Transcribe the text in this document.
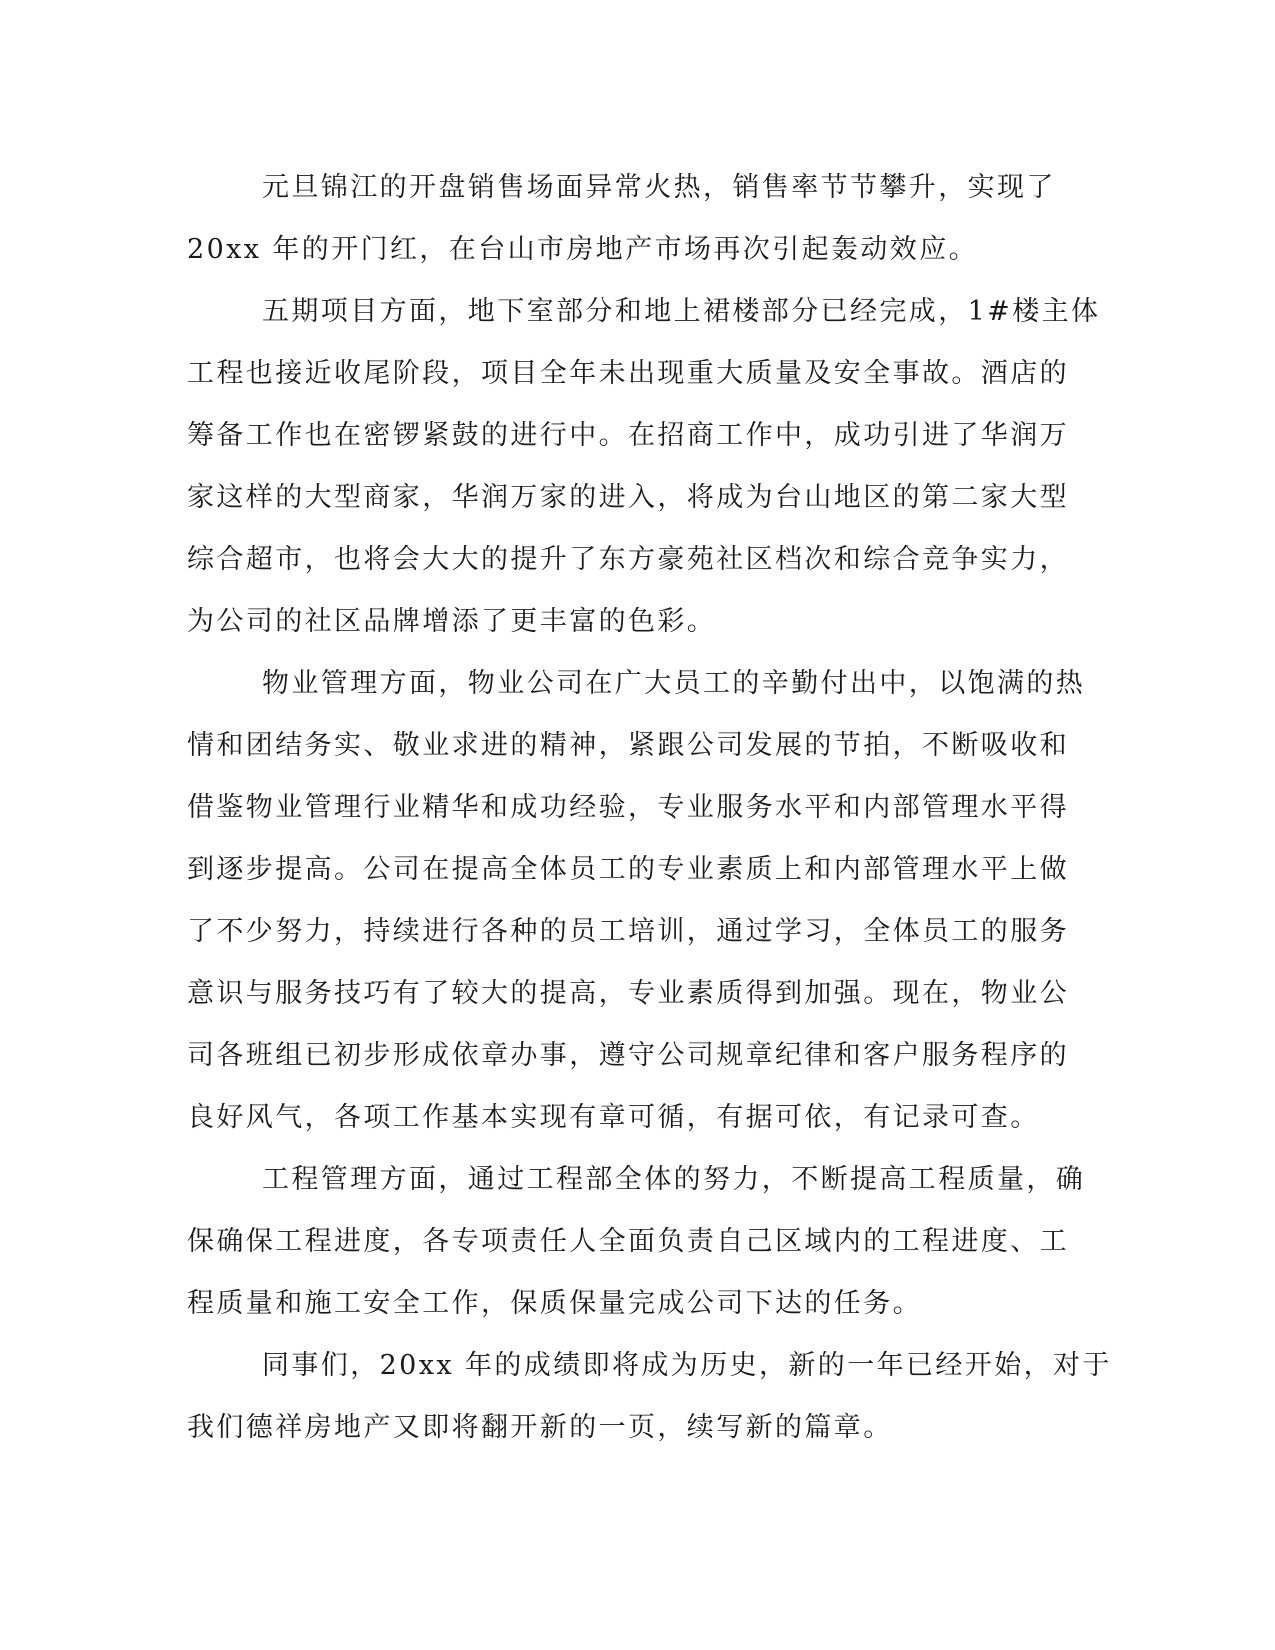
元旦锦江的开盘销售场面异常火热，销售率节节攀升，实现了
20xx 年的开门红，在台山市房地产市场再次引起轰动效应。

五期项目方面，地下室部分和地上裙楼部分已经完成，1#楼主体
工程也接近收尾阶段，项目全年未出现重大质量及安全事故。酒店的
筹备工作也在密锣紧鼓的进行中。在招商工作中，成功引进了华润万
家这样的大型商家，华润万家的进入，将成为台山地区的第二家大型
综合超市，也将会大大的提升了东方豪苑社区档次和综合竞争实力，
为公司的社区品牌增添了更丰富的色彩。

物业管理方面，物业公司在广大员工的辛勤付出中，以饱满的热
情和团结务实、敬业求进的精神，紧跟公司发展的节拍，不断吸收和
借鉴物业管理行业精华和成功经验，专业服务水平和内部管理水平得
到逐步提高。公司在提高全体员工的专业素质上和内部管理水平上做
了不少努力，持续进行各种的员工培训，通过学习，全体员工的服务
意识与服务技巧有了较大的提高，专业素质得到加强。现在，物业公
司各班组已初步形成依章办事，遵守公司规章纪律和客户服务程序的
良好风气，各项工作基本实现有章可循，有据可依，有记录可查。

工程管理方面，通过工程部全体的努力，不断提高工程质量，确
保确保工程进度，各专项责任人全面负责自己区域内的工程进度、工
程质量和施工安全工作，保质保量完成公司下达的任务。

同事们，20xx 年的成绩即将成为历史，新的一年已经开始，对于
我们德祥房地产又即将翻开新的一页，续写新的篇章。
